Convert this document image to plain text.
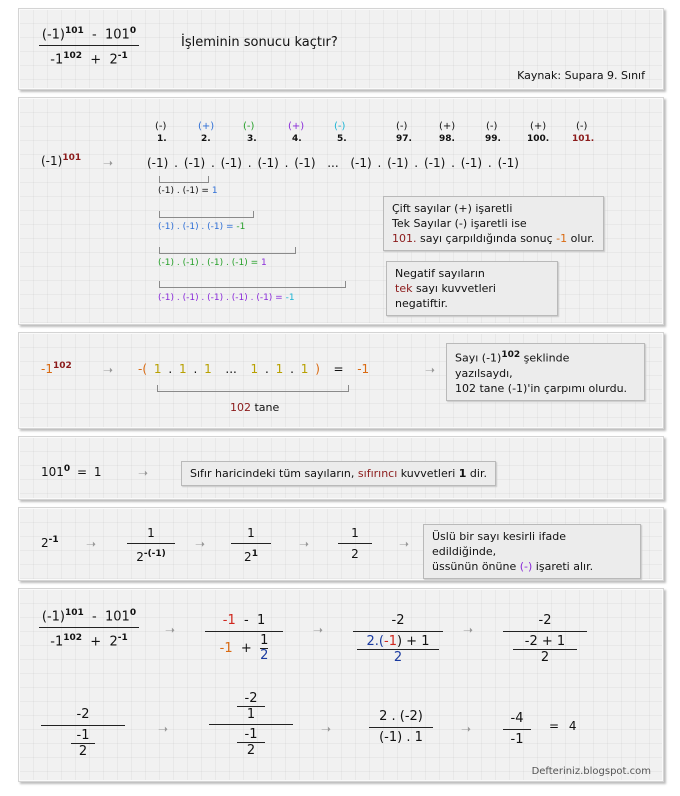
$(-1)^{101} - 101^0$
$-1^{102} + 2^{-1}$
İşleminin sonucu kaçtır?
Kaynak: Supara 9. Sınıf
$(-1)^{101}$ ➝
(-)	(+)	(-)	(+)	(-)	(-)	(+)	(-)	(+)	(-)
1.	2.	3.	4.	5.	97.	98.	99.	100.	101.
(-1) . (-1) . (-1) . (-1) . (-1) ... (-1) . (-1) . (-1) . (-1) . (-1)
(-1) . (-1) = 1
(-1) . (-1) . (-1) = -1
(-1) . (-1) . (-1) . (-1) = 1
(-1) . (-1) . (-1) . (-1) . (-1) = -1
Çift sayılar (+) işaretli
Tek Sayılar (-) işaretli ise
101. sayı çarpıldığında sonuç -1 olur.
Negatif sayıların
tek sayı kuvvetleri negatiftir.
$-1^{102}$	➝ -( 1 . 1 . 1 ... 1 . 1 . 1 ) = -1	➝
102 tane
Sayı $(-1)^{102}$ şeklinde
yazılsaydı,
102 tane (-1)'in çarpımı olurdu.
$101^0 = 1$	➝	Sıfır haricindeki tüm sayıların, sıfırıncı kuvvetleri 1 dir.
$2^{-1}$ ➝
1
$2^{-(-1)}$
➝
1
$2^1$
➝
1
2
➝
Üslü bir sayı kesirli ifade edildiğinde,
üssünün önüne (-) işareti alır.
$(-1)^{101} - 101^0$
$-1^{102} + 2^{-1}$
➝
-1 - 1
$-1 + \frac{1}{2}$
➝
-2
2.(-1) + 1
2
➝
-2
-2 + 1
2
-2
-1
2
➝
-2
1
-1
2
➝
2 . (-2)
(-1) . 1
➝
-4
-1
= 4
Defteriniz.blogspot.com
